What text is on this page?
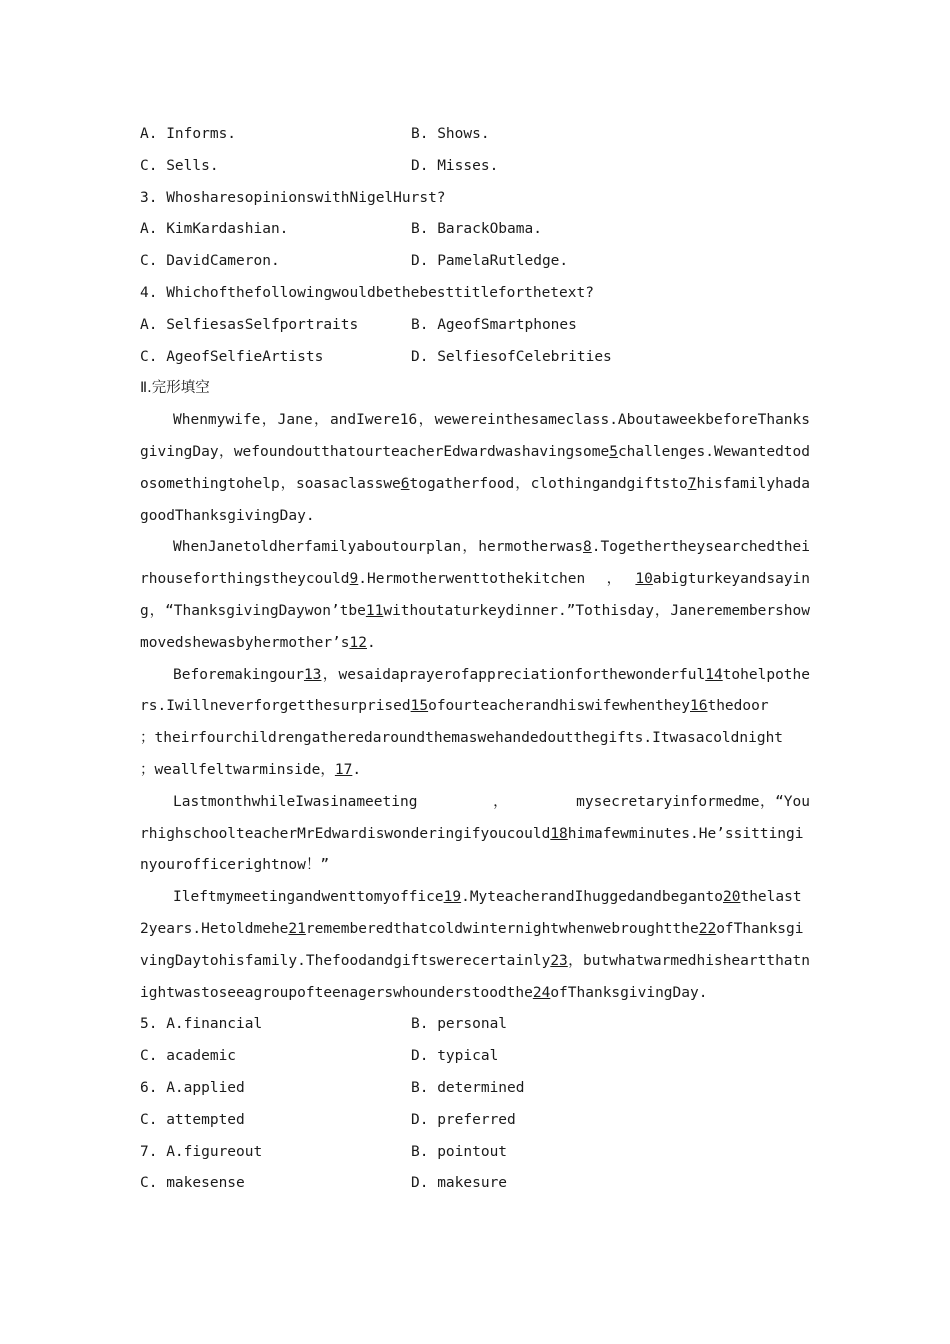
A. Informs.	B. Shows.
C. Sells.	D. Misses.
3. WhosharesopinionswithNigelHurst?
A. KimKardashian.	B. BarackObama.
C. DavidCameron.	D. PamelaRutledge.
4. Whichofthefollowingwouldbethebesttitleforthetext?
A. SelfiesasSelfportraits	B. AgeofSmartphones
C. AgeofSelfieArtists	D. SelfiesofCelebrities
Ⅱ.完形填空

Whenmywife，Jane，andIwere16，wewereinthesameclass.AboutaweekbeforeThanksgivingDay，wefoundoutthatourteacherEdwardwashavingsome5challenges.Wewantedtodosomethingtohelp，soasaclasswe6togatherfood，clothingandgiftsto7hisfamilyhadagoodThanksgivingDay.

WhenJanetoldherfamilyaboutourplan，hermotherwas8.Togethertheysearchedtheirhouseforthingstheycould9.Hermotherwenttothekitchen　，　10abigturkeyandsaying，“ThanksgivingDaywon’tbe11withoutaturkeydinner.”Tothisday，Janeremembershowmovedshewasbyhermother’s12.

Beforemakingour13，wesaidaprayerofappreciationforthewonderful14tohelpothers.Iwillneverforgetthesurprised15ofourteacherandhiswifewhenthey16thedoor　　　；theirfourchildrengatheredaroundthemaswehandedoutthegifts.Itwasacoldnight　　；weallfeltwarminside，17.

LastmonthwhileIwasinameeting　　　　　，　　　　　mysecretaryinformedme，“YourhighschoolteacherMrEdwardiswonderingifyoucould18himafewminutes.He’ssittinginyourofficerightnow！”

Ileftmymeetingandwenttomyoffice19.MyteacherandIhuggedandbeganto20thelast2years.Hetoldmehe21rememberedthatcoldwinternightwhenwebroughtthe22ofThanksgivingDaytohisfamily.Thefoodandgiftswerecertainly23，butwhatwarmedhisheartthatnightwastoseeagroupofteenagerswhounderstoodthe24ofThanksgivingDay.

5. A.financial	B. personal
C. academic	D. typical
6. A.applied	B. determined
C. attempted	D. preferred
7. A.figureout	B. pointout
C. makesense	D. makesure
